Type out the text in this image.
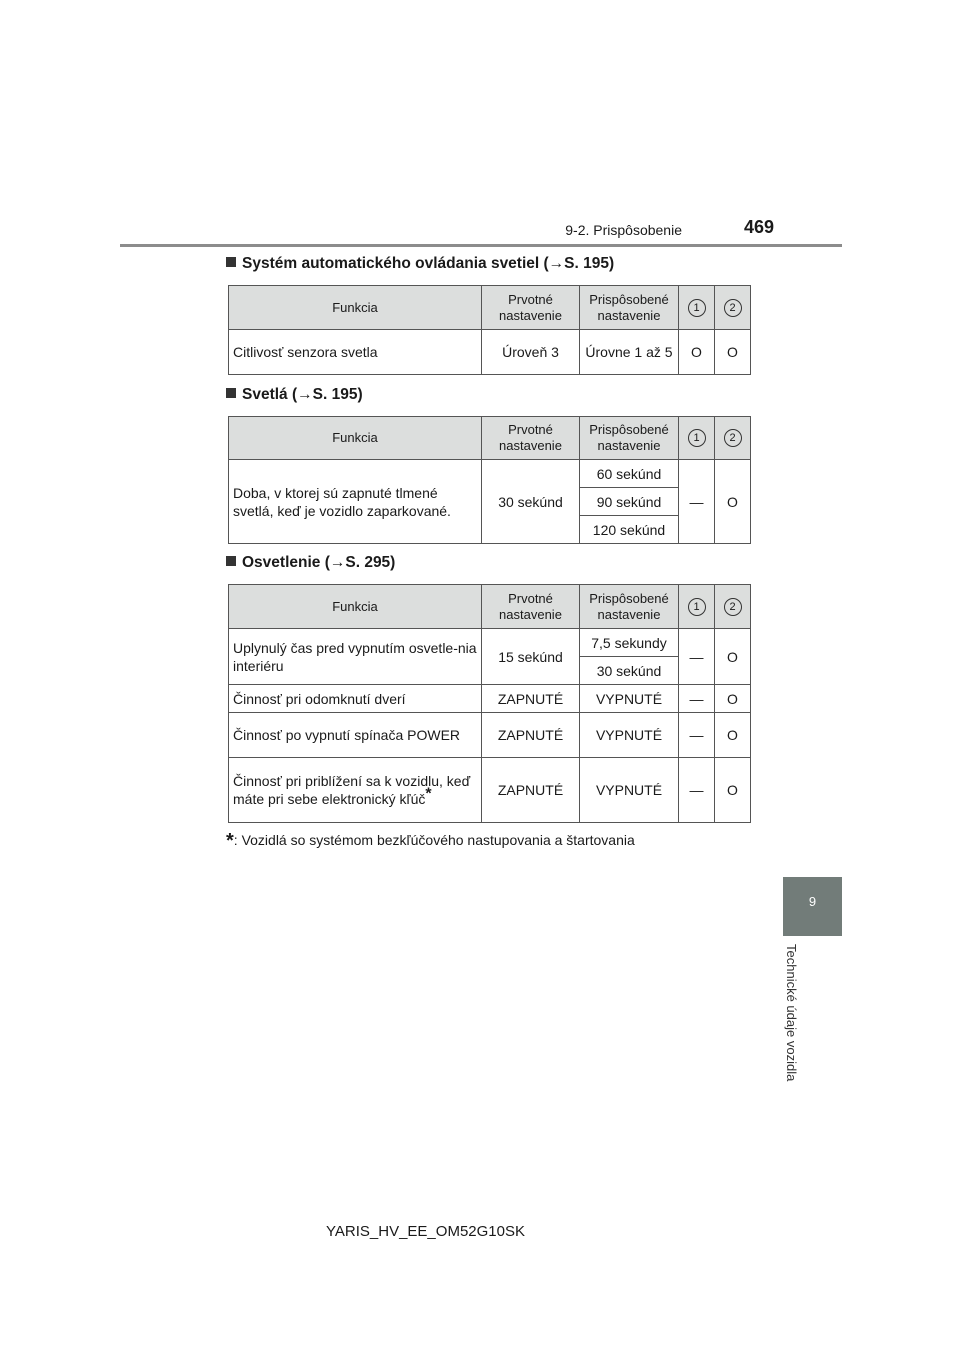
9-2. Prispôsobenie	469
9
Technické údaje vozidla
Systém automatického ovládania svetiel (→S. 195)
Funkcia	Prvotné nastavenie	Prispôsobené nastavenie	1	2
Citlivosť senzora svetla	Úroveň 3	Úrovne 1 až 5	O	O
Svetlá (→S. 195)
Funkcia	Prvotné nastavenie	Prispôsobené nastavenie	1	2
Doba, v ktorej sú zapnuté tlmené svetlá, keď je vozidlo zaparkované.	30 sekúnd	60 sekúnd	—	O
		90 sekúnd		
		120 sekúnd		
Osvetlenie (→S. 295)
Funkcia	Prvotné nastavenie	Prispôsobené nastavenie	1	2
Uplynulý čas pred vypnutím osvetle-nia interiéru	15 sekúnd	7,5 sekundy	—	O
		30 sekúnd		
Činnosť pri odomknutí dverí	ZAPNUTÉ	VYPNUTÉ	—	O
Činnosť po vypnutí spínača POWER	ZAPNUTÉ	VYPNUTÉ	—	O
Činnosť pri priblížení sa k vozidlu, keď máte pri sebe elektronický kľúč*	ZAPNUTÉ	VYPNUTÉ	—	O
*: Vozidlá so systémom bezkľúčového nastupovania a štartovania
YARIS_HV_EE_OM52G10SK
